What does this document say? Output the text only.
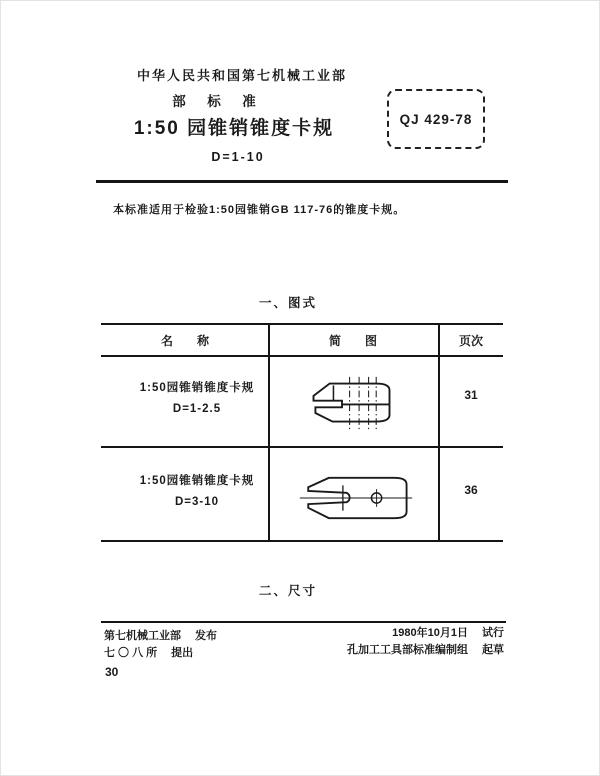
中华人民共和国第七机械工业部
部　标　准
1:50 园锥销锥度卡规
D=1-10
QJ 429-78
本标准适用于检验1:50园锥销GB 117-76的锥度卡规。
一、图式
名　　称	简　　图	页次
1:50园锥销锥度卡规
D=1-2.5
31
1:50园锥销锥度卡规
D=3-10
36
二、尺寸
第七机械工业部 发布
七 〇 八 所 提出
1980年10月1日 试行
孔加工工具部标准编制组 起草
30
